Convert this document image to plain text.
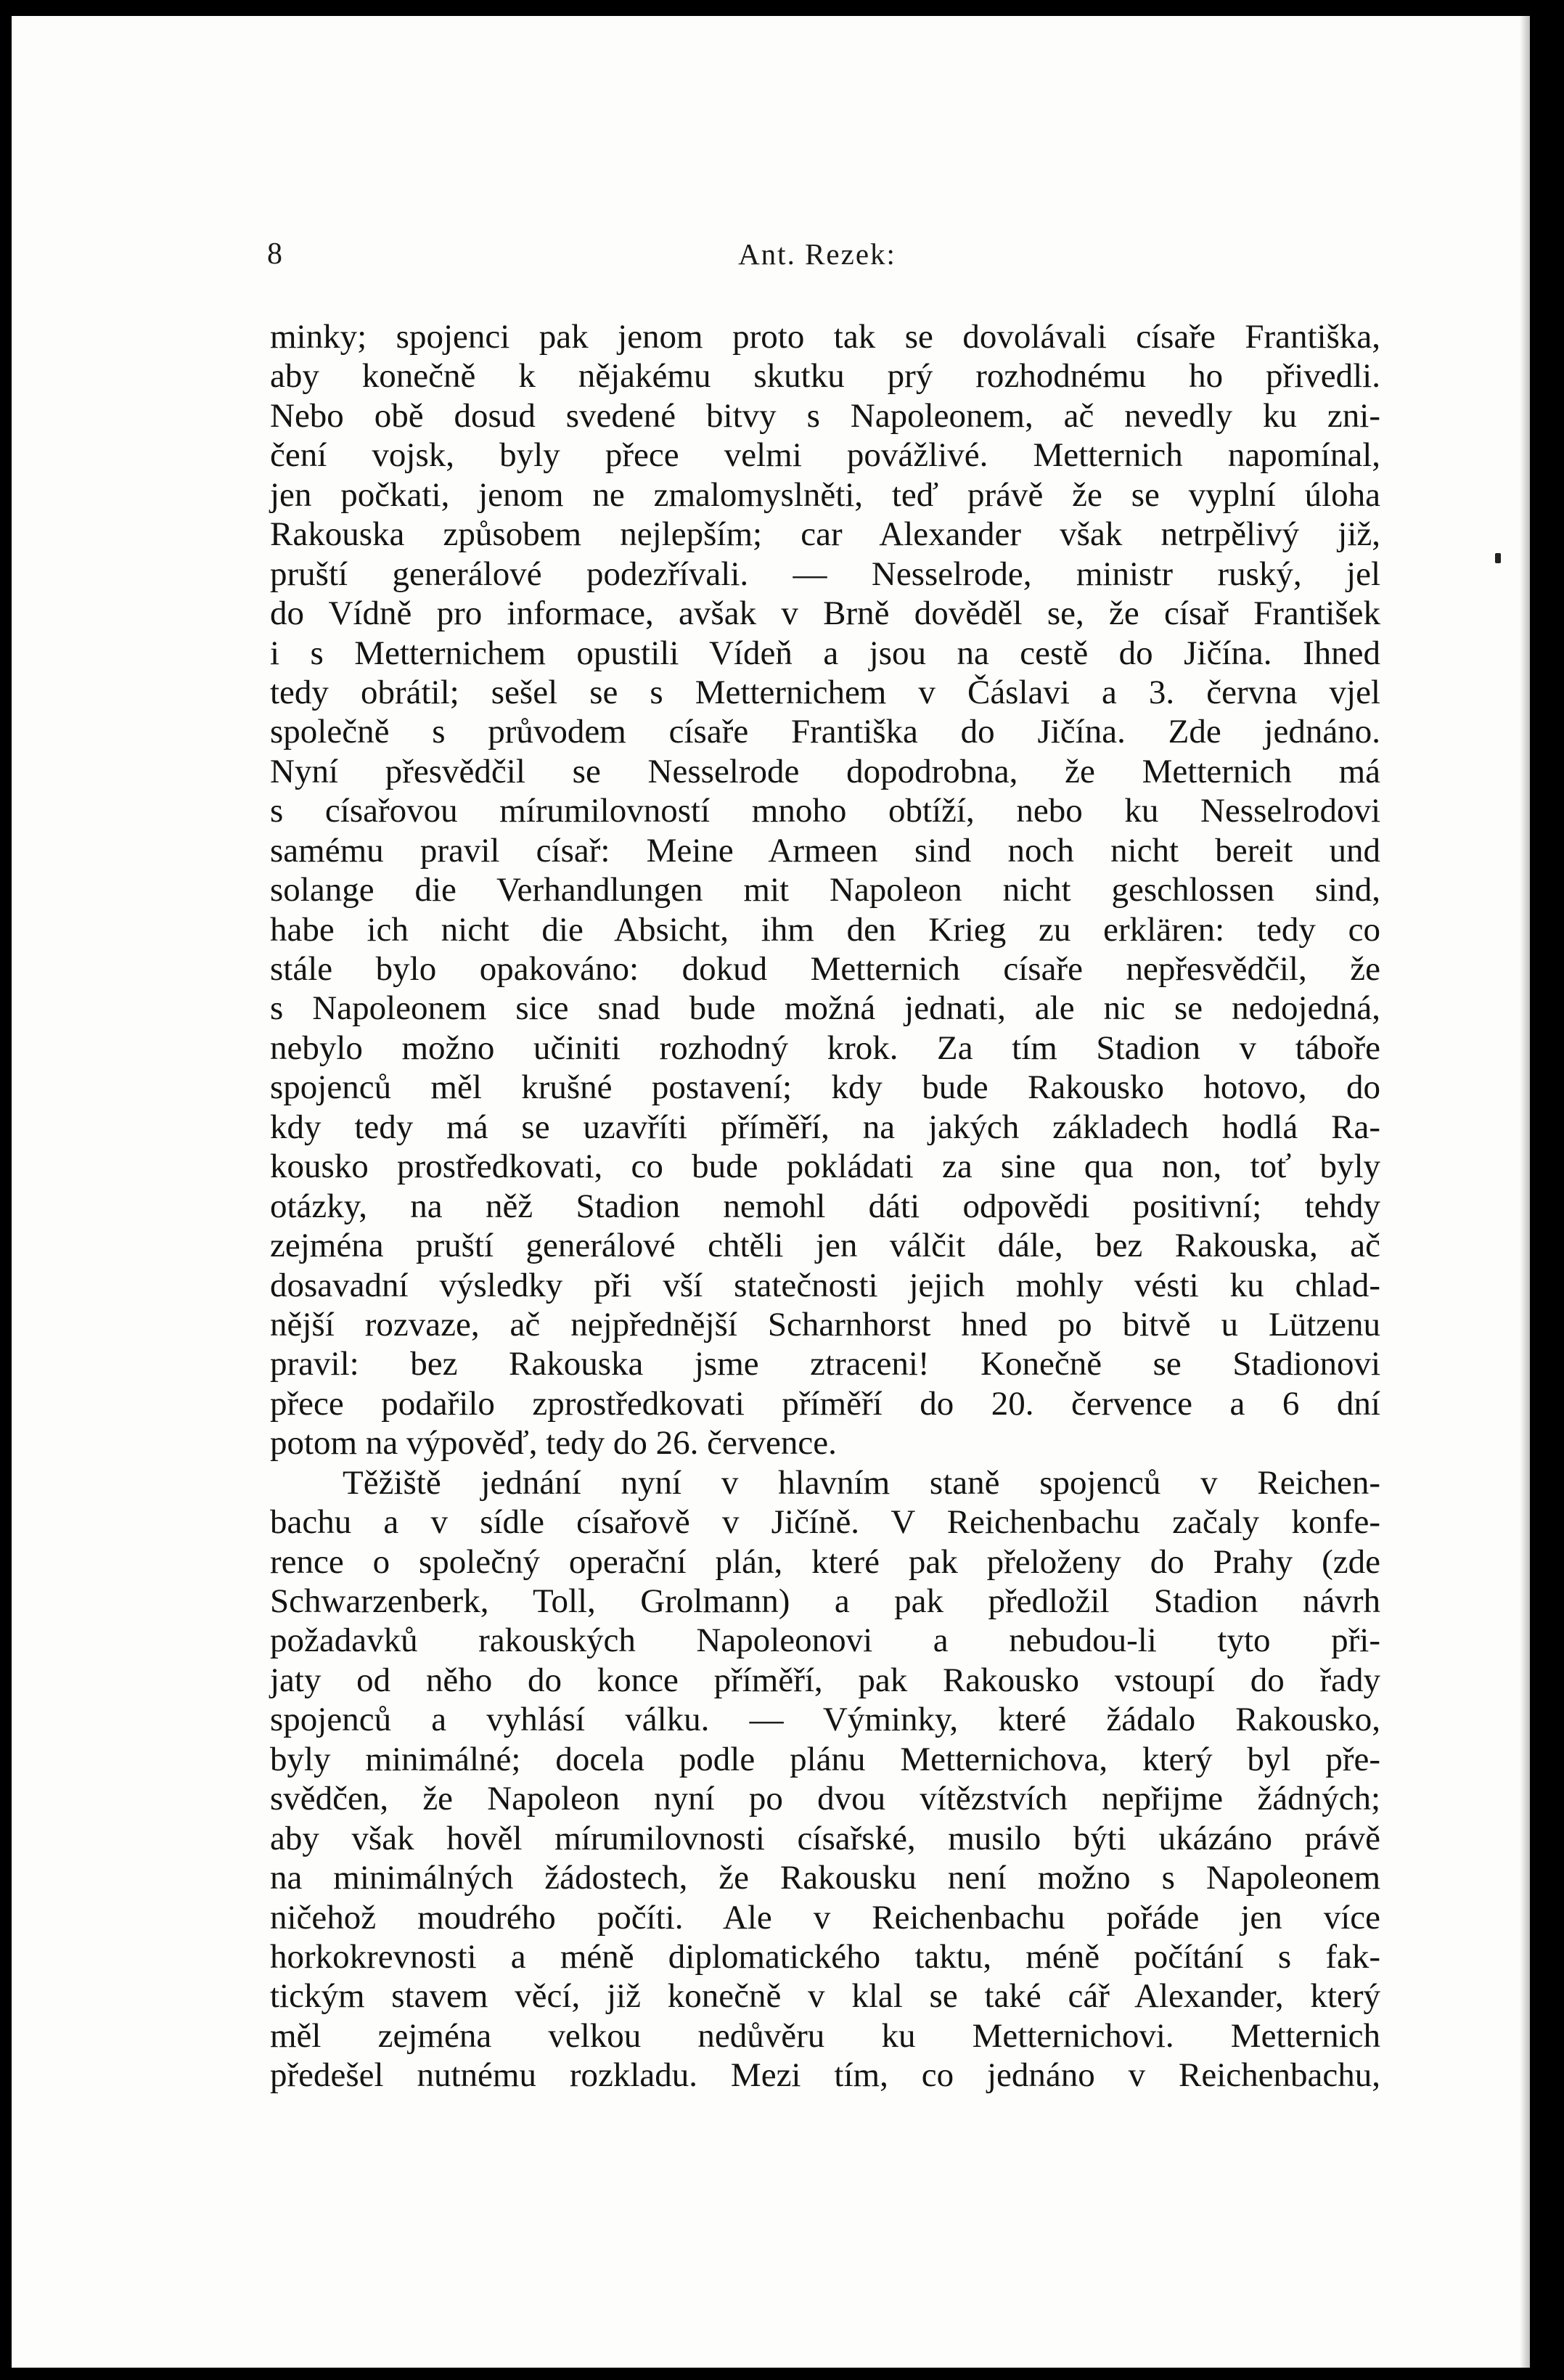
8	Ant. Rezek:
minky; spojenci pak jenom proto tak se dovolávali císaře Františka,
aby konečně k nějakému skutku prý rozhodnému ho přivedli.
Nebo obě dosud svedené bitvy s Napoleonem, ač nevedly ku zni-
čení vojsk, byly přece velmi povážlivé. Metternich napomínal,
jen počkati, jenom ne zmalomyslněti, teď právě že se vyplní úloha
Rakouska způsobem nejlepším; car Alexander však netrpělivý již,
pruští generálové podezřívali. — Nesselrode, ministr ruský, jel
do Vídně pro informace, avšak v Brně dověděl se, že císař František
i s Metternichem opustili Vídeň a jsou na cestě do Jičína. Ihned
tedy obrátil; sešel se s Metternichem v Čáslavi a 3. června vjel
společně s průvodem císaře Františka do Jičína. Zde jednáno.
Nyní přesvědčil se Nesselrode dopodrobna, že Metternich má
s císařovou mírumilovností mnoho obtíží, nebo ku Nesselrodovi
samému pravil císař: Meine Armeen sind noch nicht bereit und
solange die Verhandlungen mit Napoleon nicht geschlossen sind,
habe ich nicht die Absicht, ihm den Krieg zu erklären: tedy co
stále bylo opakováno: dokud Metternich císaře nepřesvědčil, že
s Napoleonem sice snad bude možná jednati, ale nic se nedojedná,
nebylo možno učiniti rozhodný krok. Za tím Stadion v táboře
spojenců měl krušné postavení; kdy bude Rakousko hotovo, do
kdy tedy má se uzavříti příměří, na jakých základech hodlá Ra-
kousko prostředkovati, co bude pokládati za sine qua non, toť byly
otázky, na něž Stadion nemohl dáti odpovědi positivní; tehdy
zejména pruští generálové chtěli jen válčit dále, bez Rakouska, ač
dosavadní výsledky při vší statečnosti jejich mohly vésti ku chlad-
nější rozvaze, ač nejpřednější Scharnhorst hned po bitvě u Lützenu
pravil: bez Rakouska jsme ztraceni! Konečně se Stadionovi
přece podařilo zprostředkovati příměří do 20. července a 6 dní
potom na výpověď, tedy do 26. července.
Těžiště jednání nyní v hlavním staně spojenců v Reichen-
bachu a v sídle císařově v Jičíně. V Reichenbachu začaly konfe-
rence o společný operační plán, které pak přeloženy do Prahy (zde
Schwarzenberk, Toll, Grolmann) a pak předložil Stadion návrh
požadavků rakouských Napoleonovi a nebudou-li tyto při-
jaty od něho do konce příměří, pak Rakousko vstoupí do řady
spojenců a vyhlásí válku. — Výminky, které žádalo Rakousko,
byly minimálné; docela podle plánu Metternichova, který byl pře-
svědčen, že Napoleon nyní po dvou vítězstvích nepřijme žádných;
aby však hověl mírumilovnosti císařské, musilo býti ukázáno právě
na minimálných žádostech, že Rakousku není možno s Napoleonem
ničehož moudrého počíti. Ale v Reichenbachu pořáde jen více
horkokrevnosti a méně diplomatického taktu, méně počítání s fak-
tickým stavem věcí, již konečně v klal se také cář Alexander, který
měl zejména velkou nedůvěru ku Metternichovi. Metternich
předešel nutnému rozkladu. Mezi tím, co jednáno v Reichenbachu,
